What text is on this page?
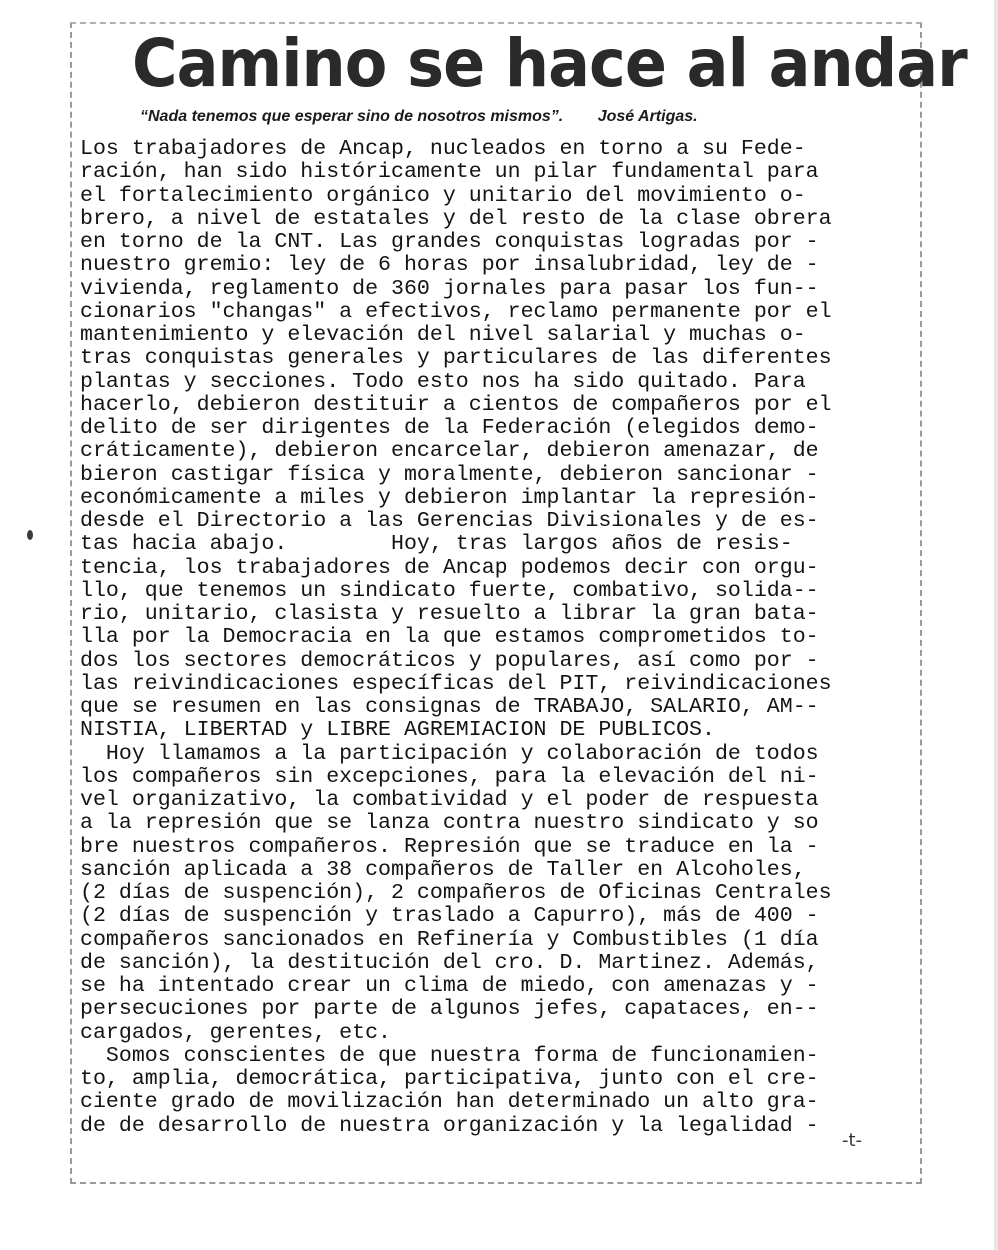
Camino se hace al andar
“Nada tenemos que esperar sino de nosotros mismos”. José Artigas.
Los trabajadores de Ancap, nucleados en torno a su Fede-
ración, han sido históricamente un pilar fundamental para
el fortalecimiento orgánico y unitario del movimiento o-
brero, a nivel de estatales y del resto de la clase obrera
en torno de la CNT. Las grandes conquistas logradas por -
nuestro gremio: ley de 6 horas por insalubridad, ley de -
vivienda, reglamento de 360 jornales para pasar los fun--
cionarios "changas" a efectivos, reclamo permanente por el
mantenimiento y elevación del nivel salarial y muchas o-
tras conquistas generales y particulares de las diferentes
plantas y secciones. Todo esto nos ha sido quitado. Para
hacerlo, debieron destituir a cientos de compañeros por el
delito de ser dirigentes de la Federación (elegidos demo-
cráticamente), debieron encarcelar, debieron amenazar, de
bieron castigar física y moralmente, debieron sancionar -
económicamente a miles y debieron implantar la represión-
desde el Directorio a las Gerencias Divisionales y de es-
tas hacia abajo.        Hoy, tras largos años de resis-
tencia, los trabajadores de Ancap podemos decir con orgu-
llo, que tenemos un sindicato fuerte, combativo, solida--
rio, unitario, clasista y resuelto a librar la gran bata-
lla por la Democracia en la que estamos comprometidos to-
dos los sectores democráticos y populares, así como por -
las reivindicaciones específicas del PIT, reivindicaciones
que se resumen en las consignas de TRABAJO, SALARIO, AM--
NISTIA, LIBERTAD y LIBRE AGREMIACION DE PUBLICOS.
Hoy llamamos a la participación y colaboración de todos
los compañeros sin excepciones, para la elevación del ni-
vel organizativo, la combatividad y el poder de respuesta
a la represión que se lanza contra nuestro sindicato y so
bre nuestros compañeros. Represión que se traduce en la -
sanción aplicada a 38 compañeros de Taller en Alcoholes,
(2 días de suspención), 2 compañeros de Oficinas Centrales
(2 días de suspención y traslado a Capurro), más de 400 -
compañeros sancionados en Refinería y Combustibles (1 día
de sanción), la destitución del cro. D. Martinez. Además,
se ha intentado crear un clima de miedo, con amenazas y -
persecuciones por parte de algunos jefes, capataces, en--
cargados, gerentes, etc.
Somos conscientes de que nuestra forma de funcionamien-
to, amplia, democrática, participativa, junto con el cre-
ciente grado de movilización han determinado un alto gra-
de de desarrollo de nuestra organización y la legalidad -
-t-
